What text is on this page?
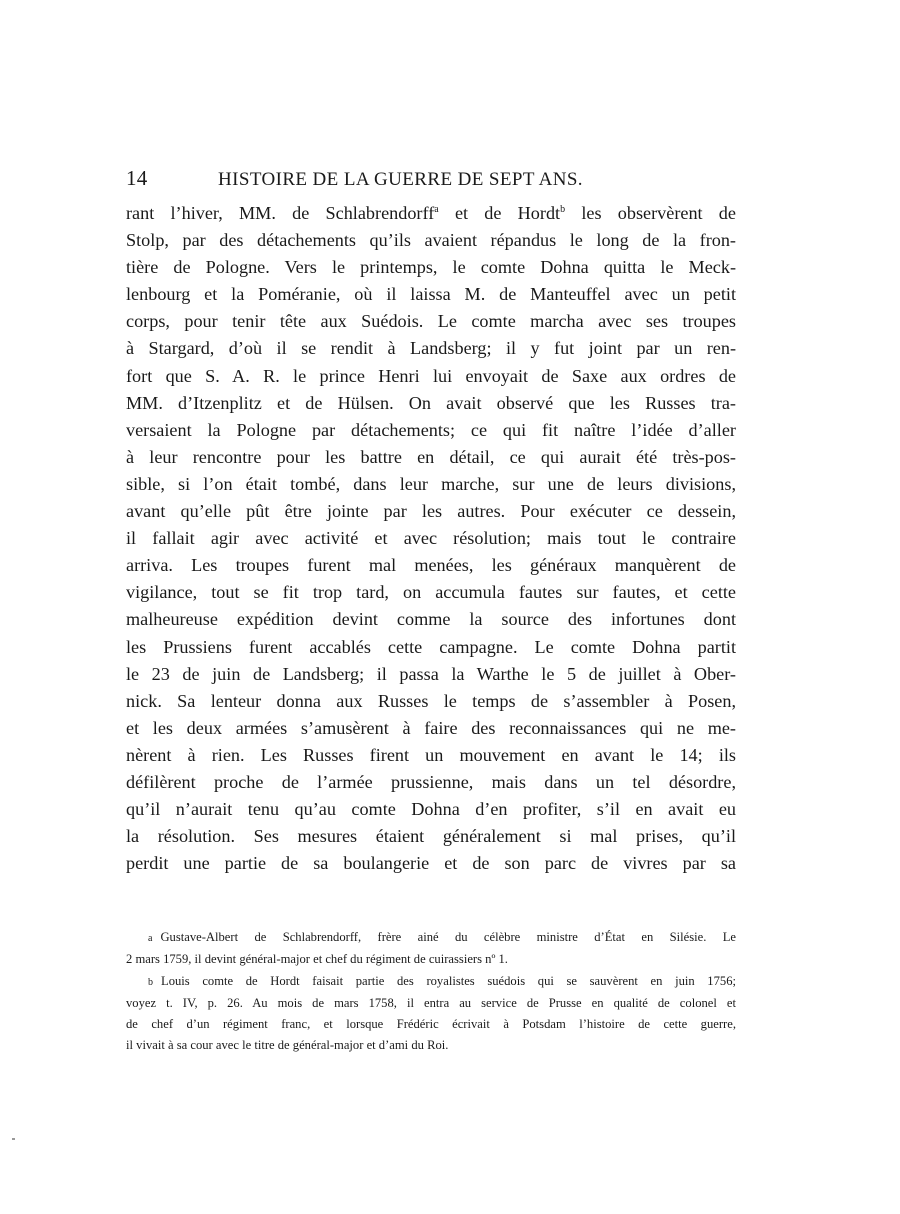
14	HISTOIRE DE LA GUERRE DE SEPT ANS.
rant l’hiver, MM. de Schlabrendorff$^a$ et de Hordt$^b$ les observèrent de
Stolp, par des détachements qu’ils avaient répandus le long de la fron-
tière de Pologne. Vers le printemps, le comte Dohna quitta le Meck-
lenbourg et la Poméranie, où il laissa M. de Manteuffel avec un petit
corps, pour tenir tête aux Suédois. Le comte marcha avec ses troupes
à Stargard, d’où il se rendit à Landsberg; il y fut joint par un ren-
fort que S. A. R. le prince Henri lui envoyait de Saxe aux ordres de
MM. d’Itzenplitz et de Hülsen. On avait observé que les Russes tra-
versaient la Pologne par détachements; ce qui fit naître l’idée d’aller
à leur rencontre pour les battre en détail, ce qui aurait été très-pos-
sible, si l’on était tombé, dans leur marche, sur une de leurs divisions,
avant qu’elle pût être jointe par les autres. Pour exécuter ce dessein,
il fallait agir avec activité et avec résolution; mais tout le contraire
arriva. Les troupes furent mal menées, les généraux manquèrent de
vigilance, tout se fit trop tard, on accumula fautes sur fautes, et cette
malheureuse expédition devint comme la source des infortunes dont
les Prussiens furent accablés cette campagne. Le comte Dohna partit
le 23 de juin de Landsberg; il passa la Warthe le 5 de juillet à Ober-
nick. Sa lenteur donna aux Russes le temps de s’assembler à Posen,
et les deux armées s’amusèrent à faire des reconnaissances qui ne me-
nèrent à rien. Les Russes firent un mouvement en avant le 14; ils
défilèrent proche de l’armée prussienne, mais dans un tel désordre,
qu’il n’aurait tenu qu’au comte Dohna d’en profiter, s’il en avait eu
la résolution. Ses mesures étaient généralement si mal prises, qu’il
perdit une partie de sa boulangerie et de son parc de vivres par sa
a Gustave-Albert de Schlabrendorff, frère ainé du célèbre ministre d’État en Silésie. Le
2 mars 1759, il devint général-major et chef du régiment de cuirassiers nº 1.
b Louis comte de Hordt faisait partie des royalistes suédois qui se sauvèrent en juin 1756;
voyez t. IV, p. 26. Au mois de mars 1758, il entra au service de Prusse en qualité de colonel et
de chef d’un régiment franc, et lorsque Frédéric écrivait à Potsdam l’histoire de cette guerre,
il vivait à sa cour avec le titre de général-major et d’ami du Roi.
